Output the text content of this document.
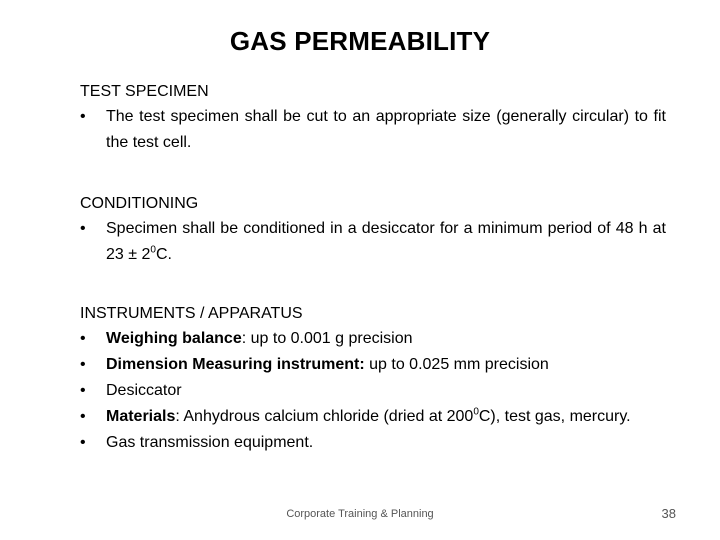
GAS PERMEABILITY
TEST SPECIMEN
•	The test specimen shall be cut to an appropriate size (generally circular) to fit the test cell.
CONDITIONING
•	Specimen shall be conditioned in a desiccator for a minimum period of 48 h at $23 \pm 2^0C$.
INSTRUMENTS / APPARATUS
•	Weighing balance: up to 0.001 g precision
•	Dimension Measuring instrument: up to 0.025 mm precision
•	Desiccator
•	Materials: Anhydrous calcium chloride (dried at $200^0C$), test gas, mercury.
•	Gas transmission equipment.
Corporate Training & Planning	38
